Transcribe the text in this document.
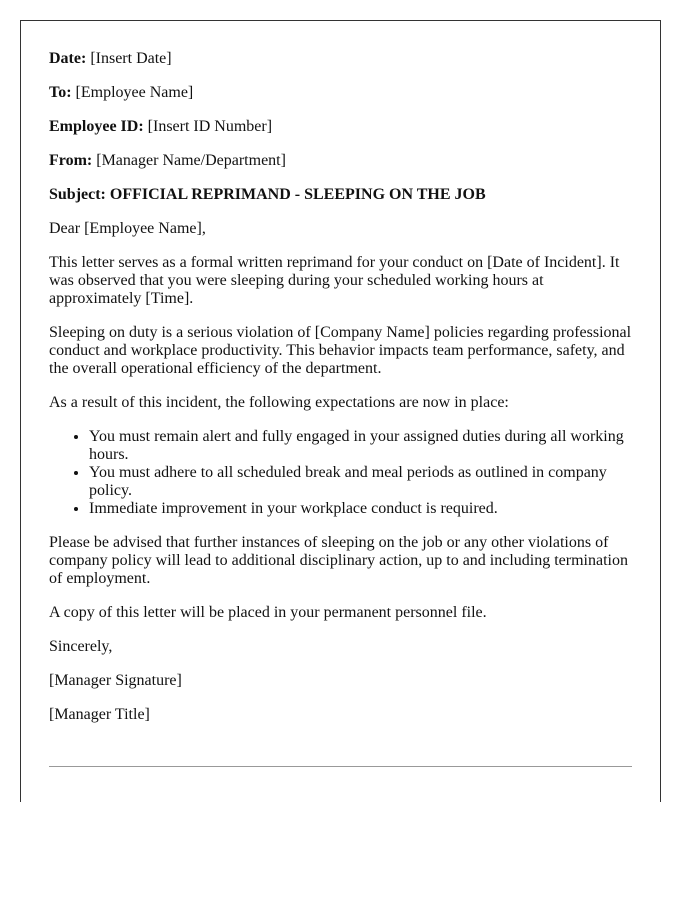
Date: [Insert Date]

To: [Employee Name]

Employee ID: [Insert ID Number]

From: [Manager Name/Department]

Subject: OFFICIAL REPRIMAND - SLEEPING ON THE JOB

Dear [Employee Name],

This letter serves as a formal written reprimand for your conduct on [Date of Incident]. It was observed that you were sleeping during your scheduled working hours at approximately [Time].

Sleeping on duty is a serious violation of [Company Name] policies regarding professional conduct and workplace productivity. This behavior impacts team performance, safety, and the overall operational efficiency of the department.

As a result of this incident, the following expectations are now in place:

• You must remain alert and fully engaged in your assigned duties during all working hours.
• You must adhere to all scheduled break and meal periods as outlined in company policy.
• Immediate improvement in your workplace conduct is required.

Please be advised that further instances of sleeping on the job or any other violations of company policy will lead to additional disciplinary action, up to and including termination of employment.

A copy of this letter will be placed in your permanent personnel file.

Sincerely,

[Manager Signature]

[Manager Title]
